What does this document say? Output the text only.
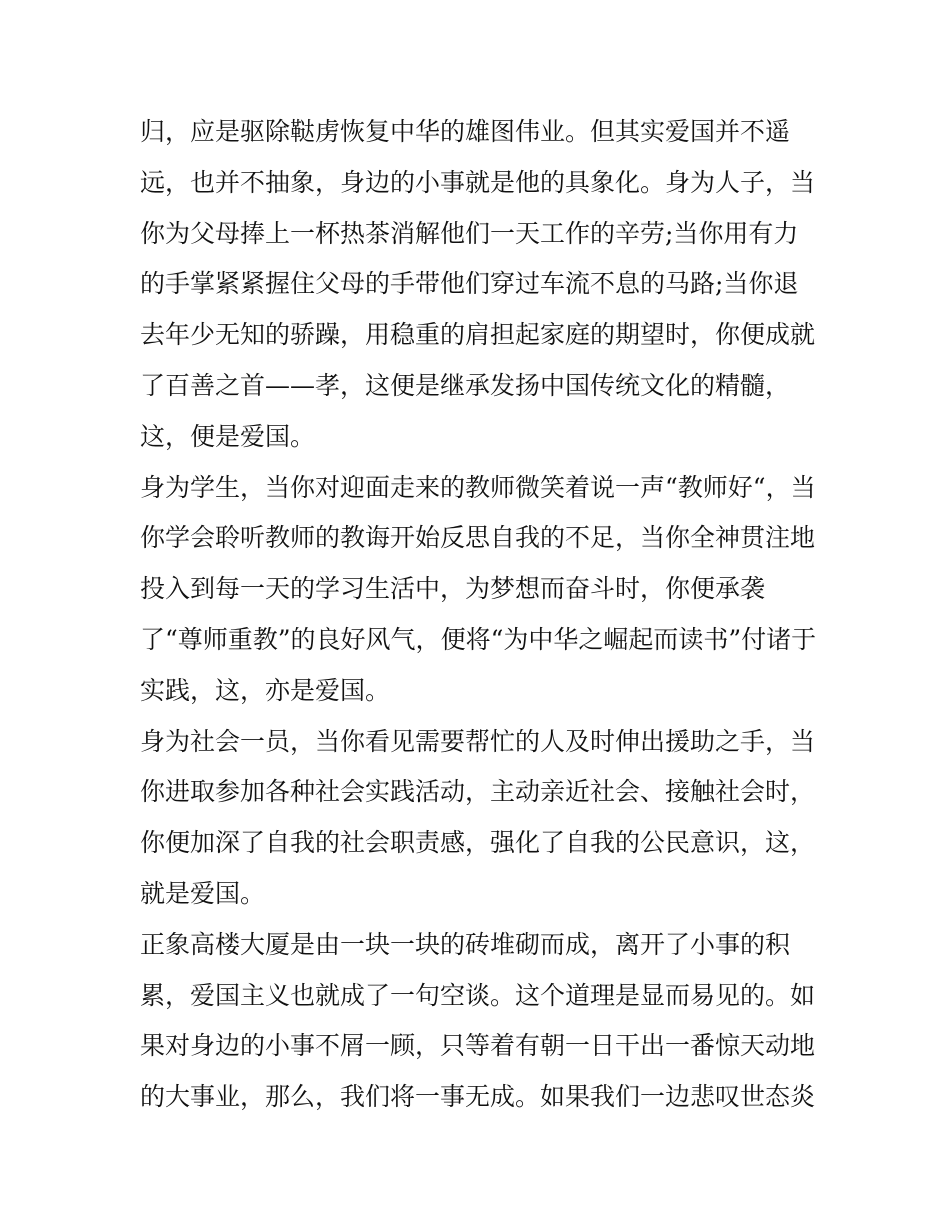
归，应是驱除鞑虏恢复中华的雄图伟业。但其实爱国并不遥
远，也并不抽象，身边的小事就是他的具象化。身为人子，当
你为父母捧上一杯热茶消解他们一天工作的辛劳;当你用有力
的手掌紧紧握住父母的手带他们穿过车流不息的马路;当你退
去年少无知的骄躁，用稳重的肩担起家庭的期望时，你便成就
了百善之首——孝，这便是继承发扬中国传统文化的精髓，
这，便是爱国。
身为学生，当你对迎面走来的教师微笑着说一声“教师好“，当
你学会聆听教师的教诲开始反思自我的不足，当你全神贯注地
投入到每一天的学习生活中，为梦想而奋斗时，你便承袭
了“尊师重教”的良好风气，便将“为中华之崛起而读书”付诸于
实践，这，亦是爱国。
身为社会一员，当你看见需要帮忙的人及时伸出援助之手，当
你进取参加各种社会实践活动，主动亲近社会、接触社会时，
你便加深了自我的社会职责感，强化了自我的公民意识，这，
就是爱国。
正象高楼大厦是由一块一块的砖堆砌而成，离开了小事的积
累，爱国主义也就成了一句空谈。这个道理是显而易见的。如
果对身边的小事不屑一顾，只等着有朝一日干出一番惊天动地
的大事业，那么，我们将一事无成。如果我们一边悲叹世态炎
